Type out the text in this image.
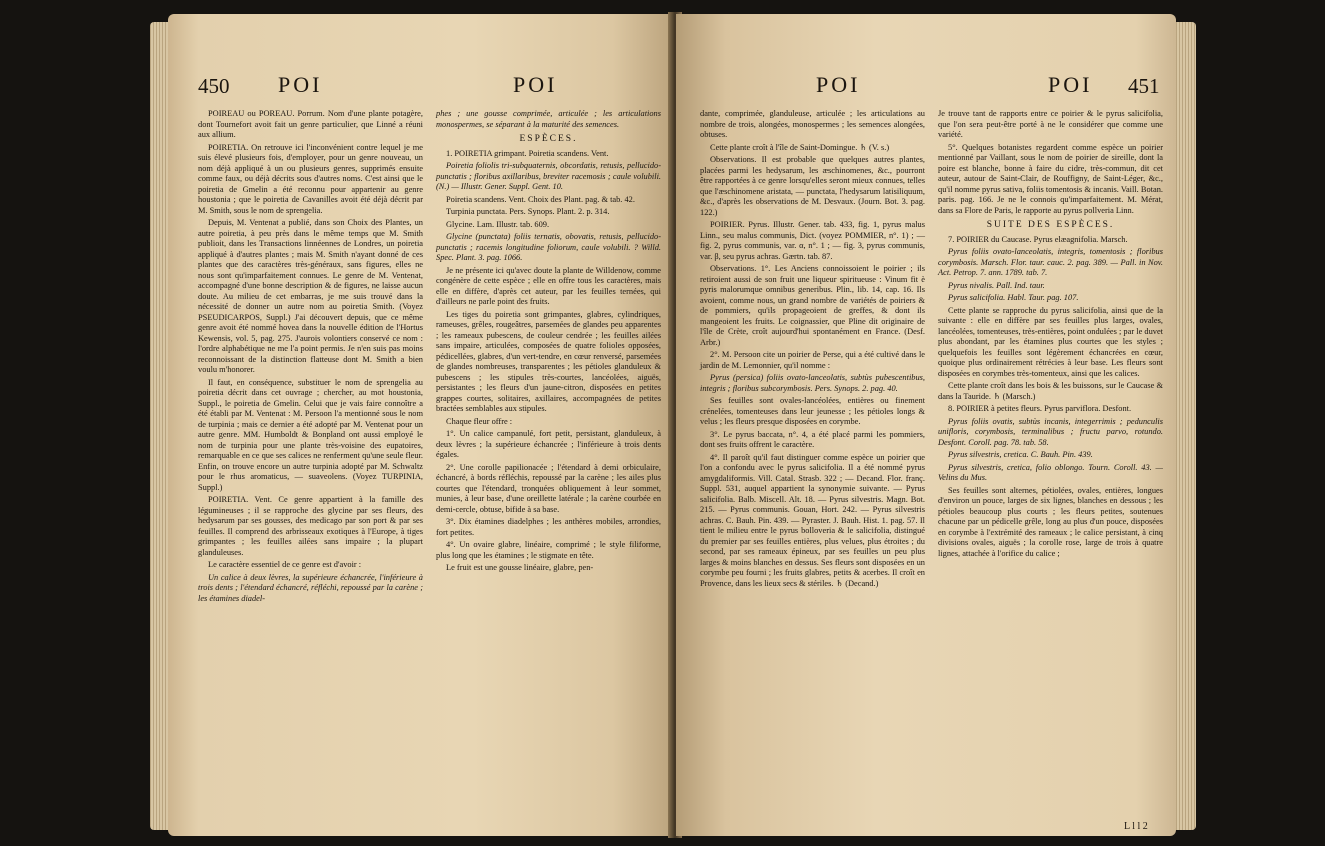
450 POI	POI

POIREAU ou POREAU. Porrum. Nom d'une plante potagère, dont Tournefort avoit fait un genre particulier, que Linné a réuni aux allium.

POIRETIA. On retrouve ici l'inconvénient contre lequel je me suis élevé plusieurs fois, d'employer, pour un genre nouveau, un nom déjà appliqué à un ou plusieurs genres, supprimés ensuite comme faux, ou déjà décrits sous d'autres noms. C'est ainsi que le poiretia de Gmelin a été reconnu pour appartenir au genre houstonia ; que le poiretia de Cavanilles avoit été déjà décrit par M. Smith, sous le nom de sprengelia.

Depuis, M. Ventenat a publié, dans son Choix des Plantes, un autre poiretia, à peu près dans le même temps que M. Smith publioit, dans les Transactions linnéennes de Londres, un poiretia appliqué à d'autres plantes ; mais M. Smith n'ayant donné de ces plantes que des caractères très-généraux, sans figures, elles ne nous sont qu'imparfaitement connues. Le genre de M. Ventenat, accompagné d'une bonne description & de figures, ne laisse aucun doute. Au milieu de cet embarras, je me suis trouvé dans la nécessité de donner un autre nom au poiretia Smith. (Voyez PSEUDICARPOS, Suppl.) J'ai découvert depuis, que ce même genre avoit été nommé hovea dans la nouvelle édition de l'Hortus Kewensis, vol. 5, pag. 275. J'aurois volontiers conservé ce nom : l'ordre alphabétique ne me l'a point permis. Je n'en suis pas moins reconnoissant de la distinction flatteuse dont M. Smith a bien voulu m'honorer.

Il faut, en conséquence, substituer le nom de sprengelia au poiretia décrit dans cet ouvrage ; chercher, au mot houstonia, Suppl., le poiretia de Gmelin. Celui que je vais faire connoître a été établi par M. Ventenat : M. Persoon l'a mentionné sous le nom de turpinia ; mais ce dernier a été adopté par M. Ventenat pour un autre genre. MM. Humboldt & Bonpland ont aussi employé le nom de turpinia pour une plante très-voisine des eupatoires, remarquable en ce que ses calices ne renferment qu'une seule fleur. Enfin, on trouve encore un autre turpinia adopté par M. Schwaltz pour le rhus aromaticus, — suaveolens. (Voyez TURPINIA, Suppl.)

POIRETIA. Vent. Ce genre appartient à la famille des légumineuses ; il se rapproche des glycine par ses fleurs, des hedysarum par ses gousses, des medicago par son port & par ses feuilles. Il comprend des arbrisseaux exotiques à l'Europe, à tiges grimpantes ; les feuilles ailées sans impaire ; la plupart glanduleuses.

Le caractère essentiel de ce genre est d'avoir :

Un calice à deux lèvres, la supérieure échancrée, l'inférieure à trois dents ; l'étendard échancré, réfléchi, repoussé par la carène ; les étamines diadel-

phes ; une gousse comprimée, articulée ; les articulations monospermes, se séparant à la maturité des semences.

ESPÈCES.

1. POIRETIA grimpant. Poiretia scandens. Vent.

Poiretia foliolis tri-subquaternis, obcordatis, retusis, pellucido-punctatis ; floribus axillaribus, breviter racemosis ; caule volubili. (N.) — Illustr. Gener. Suppl. Gent. 10.

Poiretia scandens. Vent. Choix des Plant. pag. & tab. 42.

Turpinia punctata. Pers. Synops. Plant. 2. p. 314.

Glycine. Lam. Illustr. tab. 609.

Glycine (punctata) foliis ternatis, obovatis, retusis, pellucido-punctatis ; racemis longitudine foliorum, caule volubili. ? Willd. Spec. Plant. 3. pag. 1066.

Je ne présente ici qu'avec doute la plante de Willdenow, comme congénère de cette espèce ; elle en offre tous les caractères, mais elle en diffère, d'après cet auteur, par les feuilles ternées, qui d'ailleurs ne parle point des fruits.

Les tiges du poiretia sont grimpantes, glabres, cylindriques, rameuses, grêles, rougeâtres, parsemées de glandes peu apparentes ; les rameaux pubescens, de couleur cendrée ; les feuilles ailées sans impaire, articulées, composées de quatre folioles opposées, pédicellées, glabres, d'un vert-tendre, en cœur renversé, parsemées de glandes nombreuses, transparentes ; les pétioles glanduleux & pubescens ; les stipules très-courtes, lancéolées, aiguës, persistantes ; les fleurs d'un jaune-citron, disposées en petites grappes courtes, solitaires, axillaires, accompagnées de petites bractées semblables aux stipules.

Chaque fleur offre :

1°. Un calice campanulé, fort petit, persistant, glanduleux, à deux lèvres ; la supérieure échancrée ; l'inférieure à trois dents égales.

2°. Une corolle papilionacée ; l'étendard à demi orbiculaire, échancré, à bords réfléchis, repoussé par la carène ; les ailes plus courtes que l'étendard, tronquées obliquement à leur sommet, munies, à leur base, d'une oreillette latérale ; la carène courbée en demi-cercle, obtuse, bifide à sa base.

3°. Dix étamines diadelphes ; les anthères mobiles, arrondies, fort petites.

4°. Un ovaire glabre, linéaire, comprimé ; le style filiforme, plus long que les étamines ; le stigmate en tête.

Le fruit est une gousse linéaire, glabre, pen-

POI	POI 451

dante, comprimée, glanduleuse, articulée ; les articulations au nombre de trois, alongées, monospermes ; les semences alongées, obtuses.

Cette plante croît à l'île de Saint-Domingue. ♄ (V. s.)

Observations. Il est probable que quelques autres plantes, placées parmi les hedysarum, les æschinomenes, &c., pourront être rapportées à ce genre lorsqu'elles seront mieux connues, telles que l'æschinomene aristata, — punctata, l'hedysarum latisiliquum, &c., d'après les observations de M. Desvaux. (Journ. Bot. 3. pag. 122.)

POIRIER. Pyrus. Illustr. Gener. tab. 433, fig. 1, pyrus malus Linn., seu malus communis, Dict. (voyez POMMIER, n°. 1) ; — fig. 2, pyrus communis, var. α, n°. 1 ; — fig. 3, pyrus communis, var. β, seu pyrus achras. Gærtn. tab. 87.

Observations. 1°. Les Anciens connoissoient le poirier ; ils retiroient aussi de son fruit une liqueur spiritueuse : Vinum fit è pyris malorumque omnibus generibus. Plin., lib. 14, cap. 16. Ils avoient, comme nous, un grand nombre de variétés de poiriers & de pommiers, qu'ils propageoient de greffes, & dont ils mangeoient les fruits. Le coignassier, que Pline dit originaire de l'île de Crète, croît aujourd'hui spontanément en France. (Desf. Arbr.)

2°. M. Persoon cite un poirier de Perse, qui a été cultivé dans le jardin de M. Lemonnier, qu'il nomme :

Pyrus (persica) foliis ovato-lanceolatis, subtùs pubescentibus, integris ; floribus subcorymbosis. Pers. Synops. 2. pag. 40.

Ses feuilles sont ovales-lancéolées, entières ou finement crénelées, tomenteuses dans leur jeunesse ; les pétioles longs & velus ; les fleurs presque disposées en corymbe.

3°. Le pyrus baccata, n°. 4, a été placé parmi les pommiers, dont ses fruits offrent le caractère.

4°. Il paroît qu'il faut distinguer comme espèce un poirier que l'on a confondu avec le pyrus salicifolia. Il a été nommé pyrus amygdaliformis. Vill. Catal. Strasb. 322 ; — Decand. Flor. franç. Suppl. 531, auquel appartient la synonymie suivante. — Pyrus salicifolia. Balb. Miscell. Alt. 18. — Pyrus silvestris. Magn. Bot. 215. — Pyrus communis. Gouan, Hort. 242. — Pyrus silvestris achras. C. Bauh. Pin. 439. — Pyraster. J. Bauh. Hist. 1. pag. 57. Il tient le milieu entre le pyrus bolloveria & le salicifolia, distingué du premier par ses feuilles entières, plus velues, plus étroites ; du second, par ses rameaux épineux, par ses feuilles un peu plus larges & moins blanches en dessus. Ses fleurs sont disposées en un corymbe peu fourni ; les fruits glabres, petits & acerbes. Il croît en Provence, dans les lieux secs & stériles. ♄ (Decand.)

Je trouve tant de rapports entre ce poirier & le pyrus salicifolia, que l'on sera peut-être porté à ne le considérer que comme une variété.

5°. Quelques botanistes regardent comme espèce un poirier mentionné par Vaillant, sous le nom de poirier de sireille, dont la poire est blanche, bonne à faire du cidre, très-commun, dit cet auteur, autour de Saint-Clair, de Rouffigny, de Saint-Léger, &c., qu'il nomme pyrus sativa, foliis tomentosis & incanis. Vaill. Botan. paris. pag. 166. Je ne le connois qu'imparfaitement. M. Mérat, dans sa Flore de Paris, le rapporte au pyrus pollveria Linn.

SUITE DES ESPÈCES.

7. POIRIER du Caucase. Pyrus elæagnifolia. Marsch.

Pyrus foliis ovato-lanceolatis, integris, tomentosis ; floribus corymbosis. Marsch. Flor. taur. cauc. 2. pag. 389. — Pall. in Nov. Act. Petrop. 7. ann. 1789. tab. 7.

Pyrus nivalis. Pall. Ind. taur.

Pyrus salicifolia. Habl. Taur. pag. 107.

Cette plante se rapproche du pyrus salicifolia, ainsi que de la suivante : elle en diffère par ses feuilles plus larges, ovales, lancéolées, tomenteuses, très-entières, point ondulées ; par le duvet plus abondant, par les étamines plus courtes que les styles ; quelquefois les feuilles sont légèrement échancrées en cœur, quoique plus ordinairement rétrécies à leur base. Les fleurs sont disposées en corymbes très-tomenteux, ainsi que les calices.

Cette plante croît dans les bois & les buissons, sur le Caucase & dans la Tauride. ♄ (Marsch.)

8. POIRIER à petites fleurs. Pyrus parviflora. Desfont.

Pyrus foliis ovatis, subtùs incanis, integerrimis ; pedunculis unifloris, corymbosis, terminalibus ; fructu parvo, rotundo. Desfont. Coroll. pag. 78. tab. 58.

Pyrus silvestris, cretica. C. Bauh. Pin. 439.

Pyrus silvestris, cretica, folio oblongo. Tourn. Coroll. 43. — Velins du Mus.

Ses feuilles sont alternes, pétiolées, ovales, entières, longues d'environ un pouce, larges de six lignes, blanches en dessous ; les pétioles beaucoup plus courts ; les fleurs petites, soutenues chacune par un pédicelle grêle, long au plus d'un pouce, disposées en corymbe à l'extrémité des rameaux ; le calice persistant, à cinq divisions ovales, aiguës ; la corolle rose, large de trois à quatre lignes, attachée à l'orifice du calice ;

L l l 2
